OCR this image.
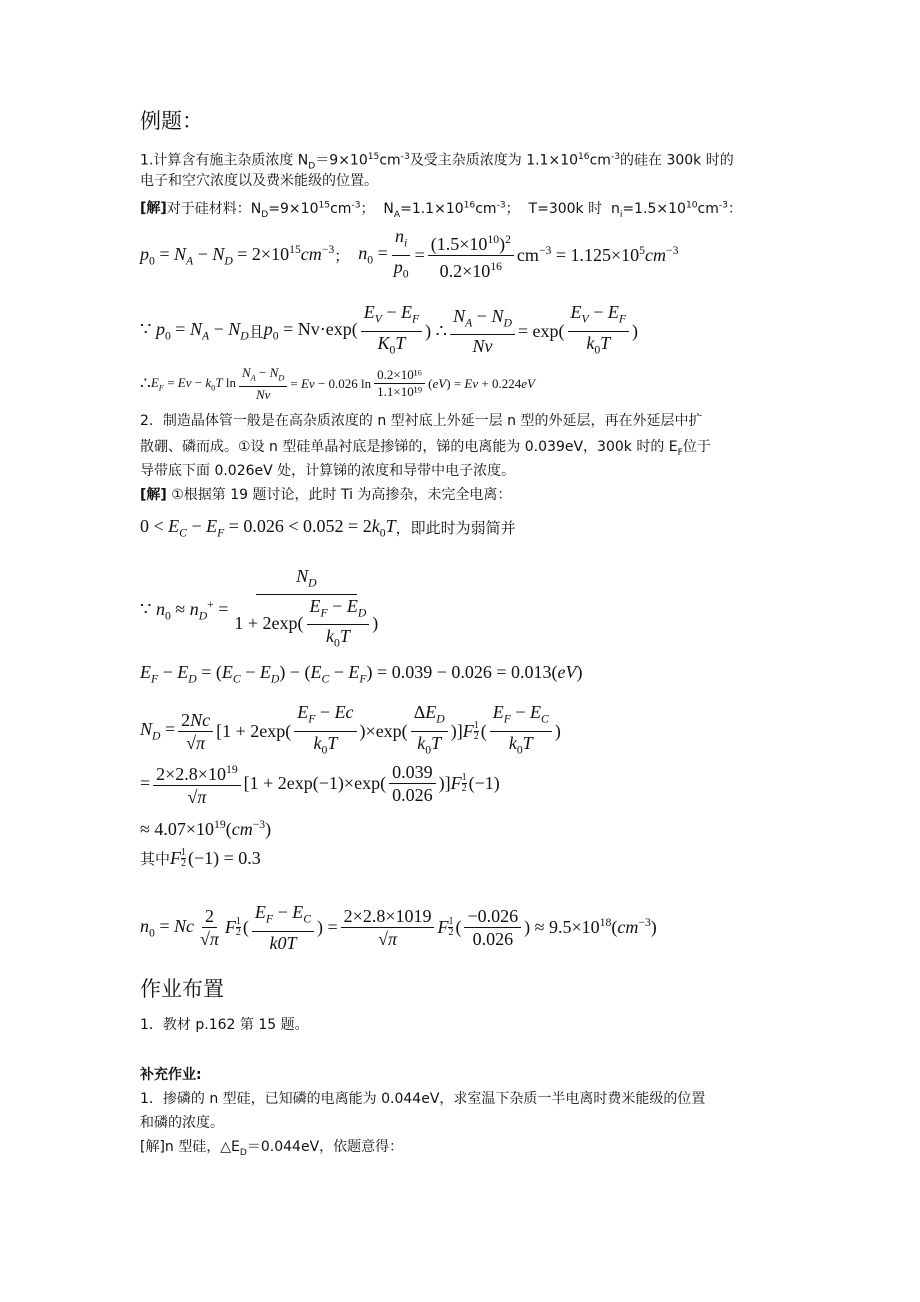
例题：
1.计算含有施主杂质浓度 $N_D=9\times 10^{15}cm^{-3}$及受主杂质浓度为 $1.1\times 10^{16}cm^{-3}$的硅在 300k 时的
电子和空穴浓度以及费米能级的位置。
[解]对于硅材料：$N_D=9\times 10^{15}cm^{-3}$；  $N_A=1.1\times 10^{16}cm^{-3}$；  T=300k 时  $n_i=1.5\times 10^{10}cm^{-3}$：
$p_0 = N_A - N_D = 2\times 10^{15}cm^{-3}$ ；
$n_0 = \frac{n_i}{p_0} = \frac{(1.5\times 10^{10})^2}{0.2\times 10^{16}} cm^{-3} = 1.125\times 10^5cm^{-3}$
∵ $p_0 = N_A - N_D$ 且 $p_0 = Nv\cdot\exp( \frac{E_V - E_F}{K_0T}$ ) ∴ $\frac{N_A - N_D}{Nv} = \exp( \frac{E_V - E_F}{k_0T}$ )
∴ $E_F = Ev - k_0T$ $\ln \frac{N_A - N_D}{Nv} = Ev - 0.026$ $\ln \frac{\text{0.2×10¹⁶}}{\text{1.1×10¹⁹}} (eV) = Ev + 0.224eV$
2．制造晶体管一般是在高杂质浓度的 n 型衬底上外延一层 n 型的外延层，再在外延层中扩
散硼、磷而成。①设 n 型硅单晶衬底是掺锑的，锑的电离能为 0.039eV，300k 时的 $E_F$位于
导带底下面 0.026eV 处，计算锑的浓度和导带中电子浓度。
[解] ①根据第 19 题讨论，此时 Ti 为高掺杂，未完全电离：
$0 < E_C - E_F = 0.026 < 0.052 = 2k_0T$ ，即此时为弱简并
∵ $n_0 \approx n_D^+ = \frac{N_D}{1 + 2\exp( \frac{E_F - E_D}{k_0T} )}$
$E_F - E_D = (E_C - E_D) - (E_C - E_F) = 0.039 - 0.026 = 0.013(eV)$
$N_D = \frac{2Nc}{√\pi} [1 + 2\exp( \frac{E_F - Ec}{k_0T} )\times\exp( \frac{\Delta E_D}{k_0T} )]F$ 1
2 ( $\frac{E_F - E_C}{k_0T}$ )
= $\frac{2\times 2.8\times 10^{19}}{√\pi} [1 + 2\exp(-1)\times\exp( \frac{0.039}{0.026} )]F$ 1
2 (−1)
≈ $4.07\times 10^{19}(cm^{-3})$
其中 F 1
2 (−1) = 0.3
$n_0 = Nc \frac{2}{√\pi}$ F 1
2 ( $\frac{E_F - E_C}{k0T}$ ) = $\frac{2\times 2.8\times 1019}{√\pi}$ F 1
2 ( $\frac{-0.026}{0.026}$ ) ≈ $9.5\times 10^{18}(cm^{-3})$
作业布置
1．教材 p.162 第 15 题。
补充作业:
1．掺磷的 n 型硅，已知磷的电离能为 0.044eV，求室温下杂质一半电离时费米能级的位置
和磷的浓度。
[解]n 型硅，$\triangle E_D=0.044eV$，依题意得：
